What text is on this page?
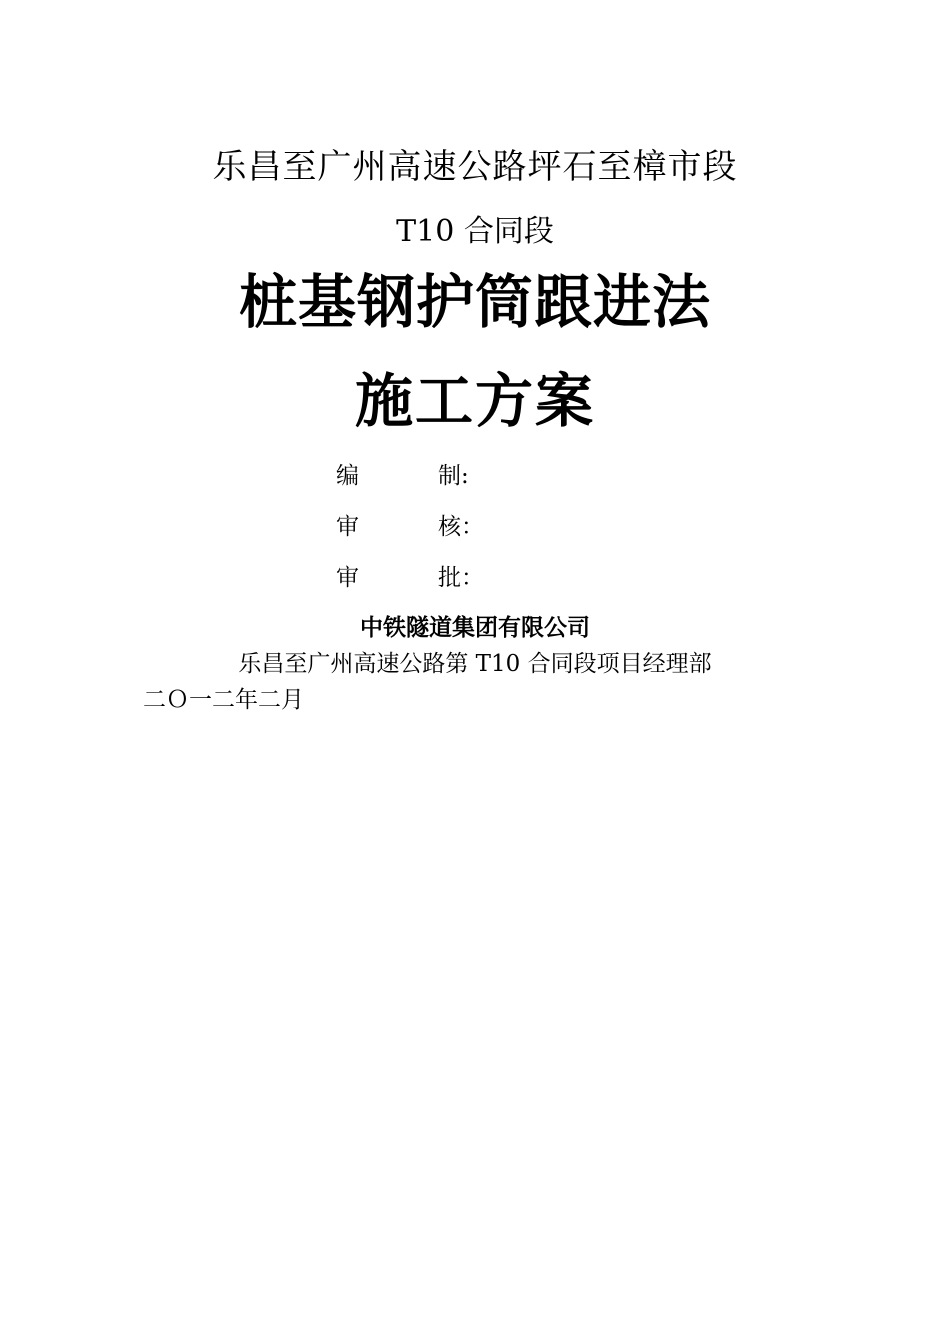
乐昌至广州高速公路坪石至樟市段
T10 合同段
桩基钢护筒跟进法
施工方案
编	制:
审	核：
审	批：
中铁隧道集团有限公司
乐昌至广州高速公路第 T10 合同段项目经理部
二Ｏ一二年二月
